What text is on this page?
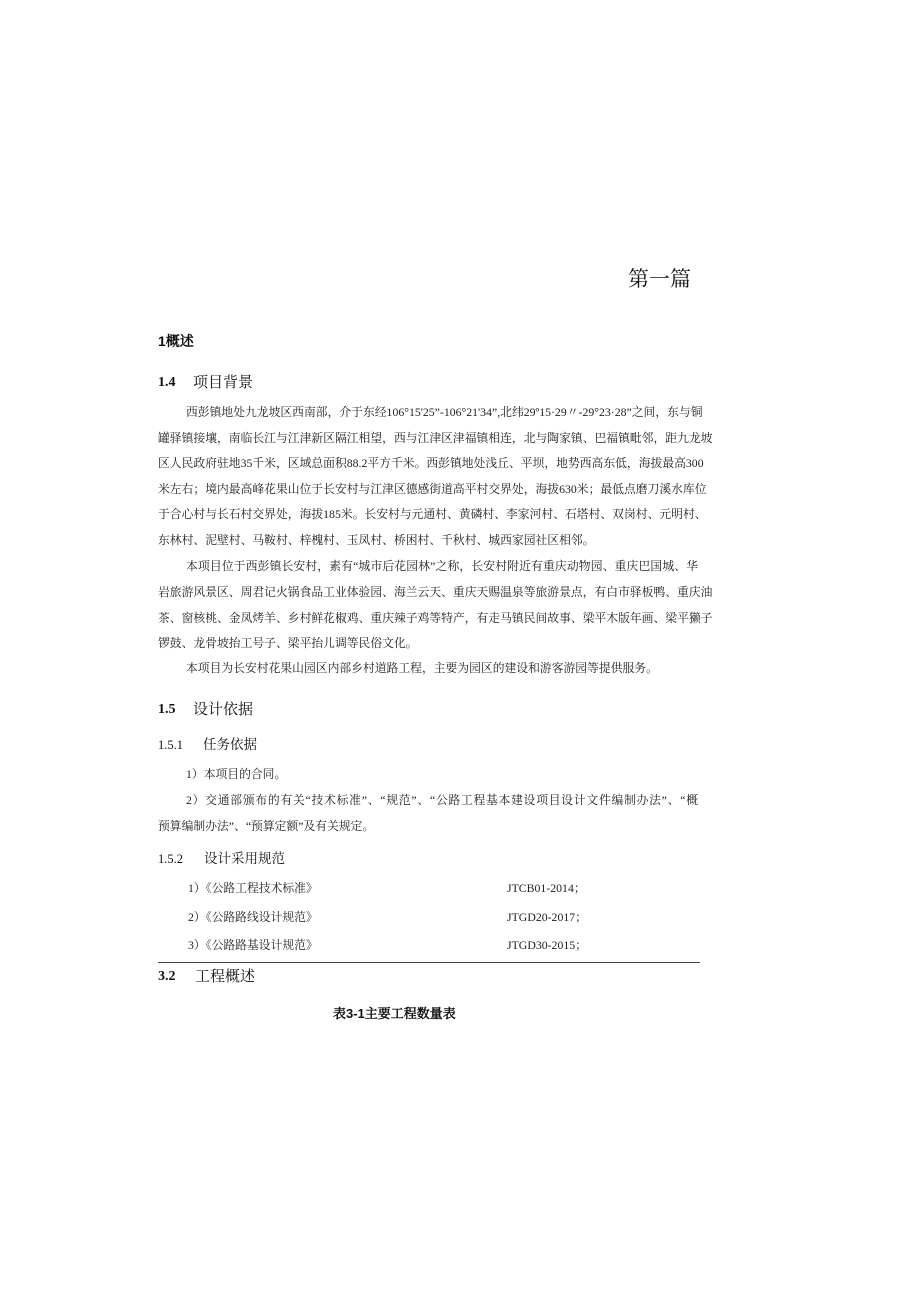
第一篇
1概述
1.4 项目背景
西彭镇地处九龙坡区西南部，介于东经106°15'25”-106°21'34”,北纬29º15·29〃-29°23·28”之间，东与铜
罐驿镇接壤，南临长江与江津新区隔江相望，西与江津区津福镇相连，北与陶家镇、巴福镇毗邻，距九龙坡
区人民政府驻地35千米，区域总面积88.2平方千米。西彭镇地处浅丘、平坝，地势西高东低，海拔最高300
米左右；境内最高峰花果山位于长安村与江津区德感街道高平村交界处，海拔630米；最低点磨刀溪水库位
于合心村与长石村交界处，海拔185米。长安村与元通村、黄磷村、李家河村、石塔村、双岗村、元明村、
东林村、泥壁村、马鞍村、梓槐村、玉凤村、桥困村、千秋村、城西家园社区相邻。
本项目位于西彭镇长安村，素有“城市后花园林”之称，长安村附近有重庆动物园、重庆巴国城、华
岩旅游风景区、周君记火锅食品工业体验园、海兰云天、重庆天赐温泉等旅游景点，有白市驿板鸭、重庆油
茶、窗核桃、金凤烤羊、乡村鲜花椒鸡、重庆辣子鸡等特产，有走马镇民间故事、梁平木版年画、梁平獭子
锣鼓、龙骨坡抬工号子、梁平抬儿调等民俗文化。
本项目为长安村花果山园区内部乡村道路工程，主要为园区的建设和游客游园等提供服务。
1.5 设计依据
1.5.1 任务依据
1）本项目的合同。
2）交通部颁布的有关“技术标准”、“规范”、“公路工程基本建设项目设计文件编制办法”、“概
预算编制办法”、“预算定额”及有关规定。
1.5.2 设计采用规范
1）《公路工程技术标准》	JTCB01-2014；
2）《公路路线设计规范》	JTGD20-2017；
3）《公路路基设计规范》	JTGD30-2015；
3.2 工程概述
表3-1主要工程数量表
